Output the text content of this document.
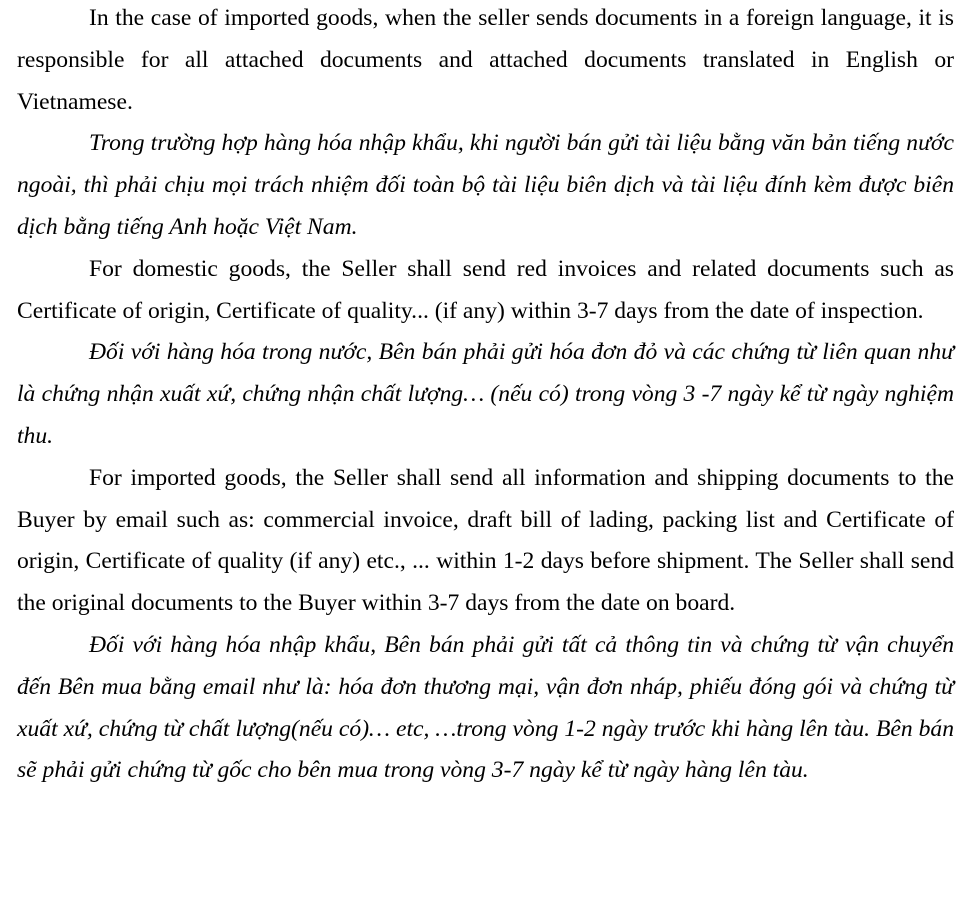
In the case of imported goods, when the seller sends documents in a foreign language, it is responsible for all attached documents and attached documents translated in English or Vietnamese.

Trong trường hợp hàng hóa nhập khẩu, khi người bán gửi tài liệu bằng văn bản tiếng nước ngoài, thì phải chịu mọi trách nhiệm đối toàn bộ tài liệu biên dịch và tài liệu đính kèm được biên dịch bằng tiếng Anh hoặc Việt Nam.

For domestic goods, the Seller shall send red invoices and related documents such as Certificate of origin, Certificate of quality... (if any) within 3-7 days from the date of inspection.

Đối với hàng hóa trong nước, Bên bán phải gửi hóa đơn đỏ và các chứng từ liên quan như là chứng nhận xuất xứ, chứng nhận chất lượng… (nếu có) trong vòng 3 -7 ngày kể từ ngày nghiệm thu.

For imported goods, the Seller shall send all information and shipping documents to the Buyer by email such as: commercial invoice, draft bill of lading, packing list and Certificate of origin, Certificate of quality (if any) etc., ... within 1-2 days before shipment. The Seller shall send the original documents to the Buyer within 3-7 days from the date on board.

Đối với hàng hóa nhập khẩu, Bên bán phải gửi tất cả thông tin và chứng từ vận chuyển đến Bên mua bằng email như là: hóa đơn thương mại, vận đơn nháp, phiếu đóng gói và chứng từ xuất xứ, chứng từ chất lượng(nếu có)… etc, …trong vòng 1-2 ngày trước khi hàng lên tàu. Bên bán sẽ phải gửi chứng từ gốc cho bên mua trong vòng 3-7 ngày kể từ ngày hàng lên tàu.
